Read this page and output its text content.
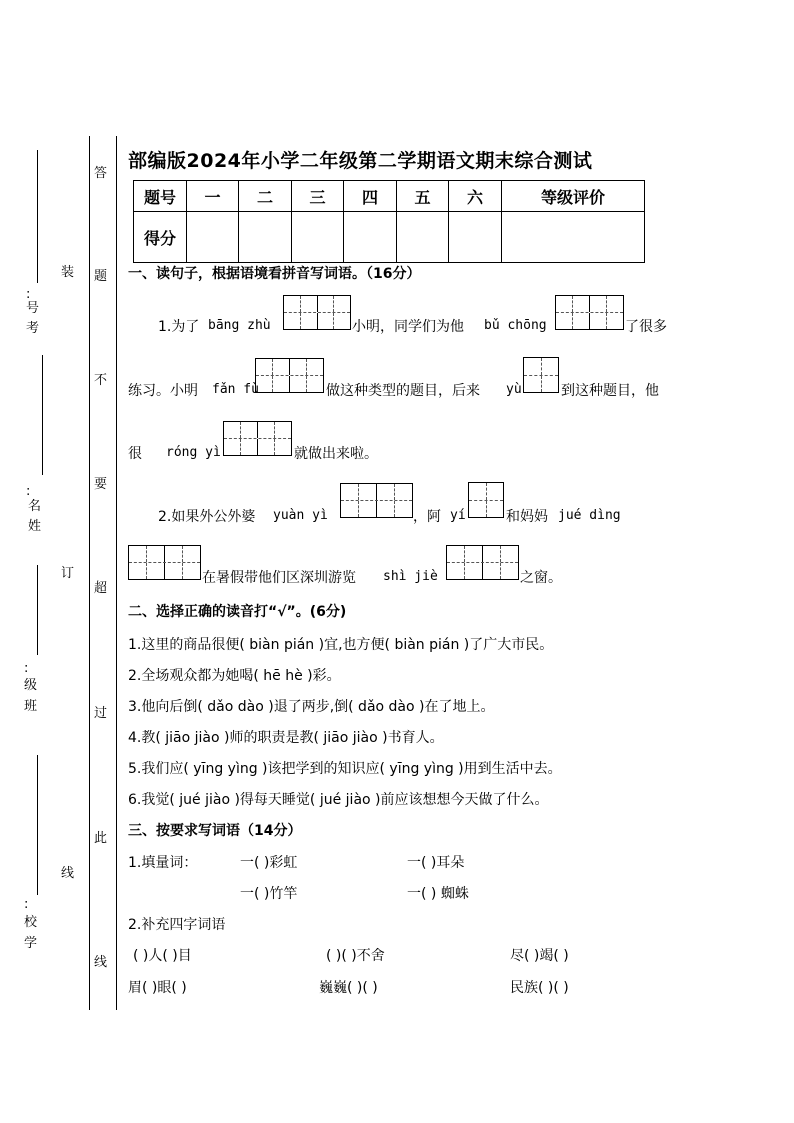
:
号
考
:
名
姓
:
级
班
:
校
学
装
订
线
答
题
不
要
超
过
此
线
部编版2024年小学二年级第二学期语文期末综合测试
题号	一	二	三	四	五	六	等级评价
得分							
一、读句子，根据语境看拼音写词语。（16分）
1.为了 bāng zhù	小明，同学们为他 bǔ chōng	了很多
练习。小明 fǎn fù	做这种类型的题目，后来 yù	到这种题目，他
很 róng yì	就做出来啦。
2.如果外公外婆 yuàn yì	，阿 yí	和妈妈 jué dìng
在暑假带他们区深圳游览 shì jiè	之窗。
二、选择正确的读音打“√”。(6分)
1.这里的商品很便( biàn pián )宜,也方便( biàn pián )了广大市民。
2.全场观众都为她喝( hē hè )彩。
3.他向后倒( dǎo dào )退了两步,倒( dǎo dào )在了地上。
4.教( jiāo jiào )师的职责是教( jiāo jiào )书育人。
5.我们应( yīng yìng )该把学到的知识应( yīng yìng )用到生活中去。
6.我觉( jué jiào )得每天睡觉( jué jiào )前应该想想今天做了什么。
三、按要求写词语（14分）
1.填量词：	一( )彩虹	一( )耳朵
一( )竹竿	一( ) 蜘蛛
2.补充四字词语
( )人( )目	( )( )不舍	尽( )竭( )
眉( )眼( )	巍巍( )( )	民族( )( )
